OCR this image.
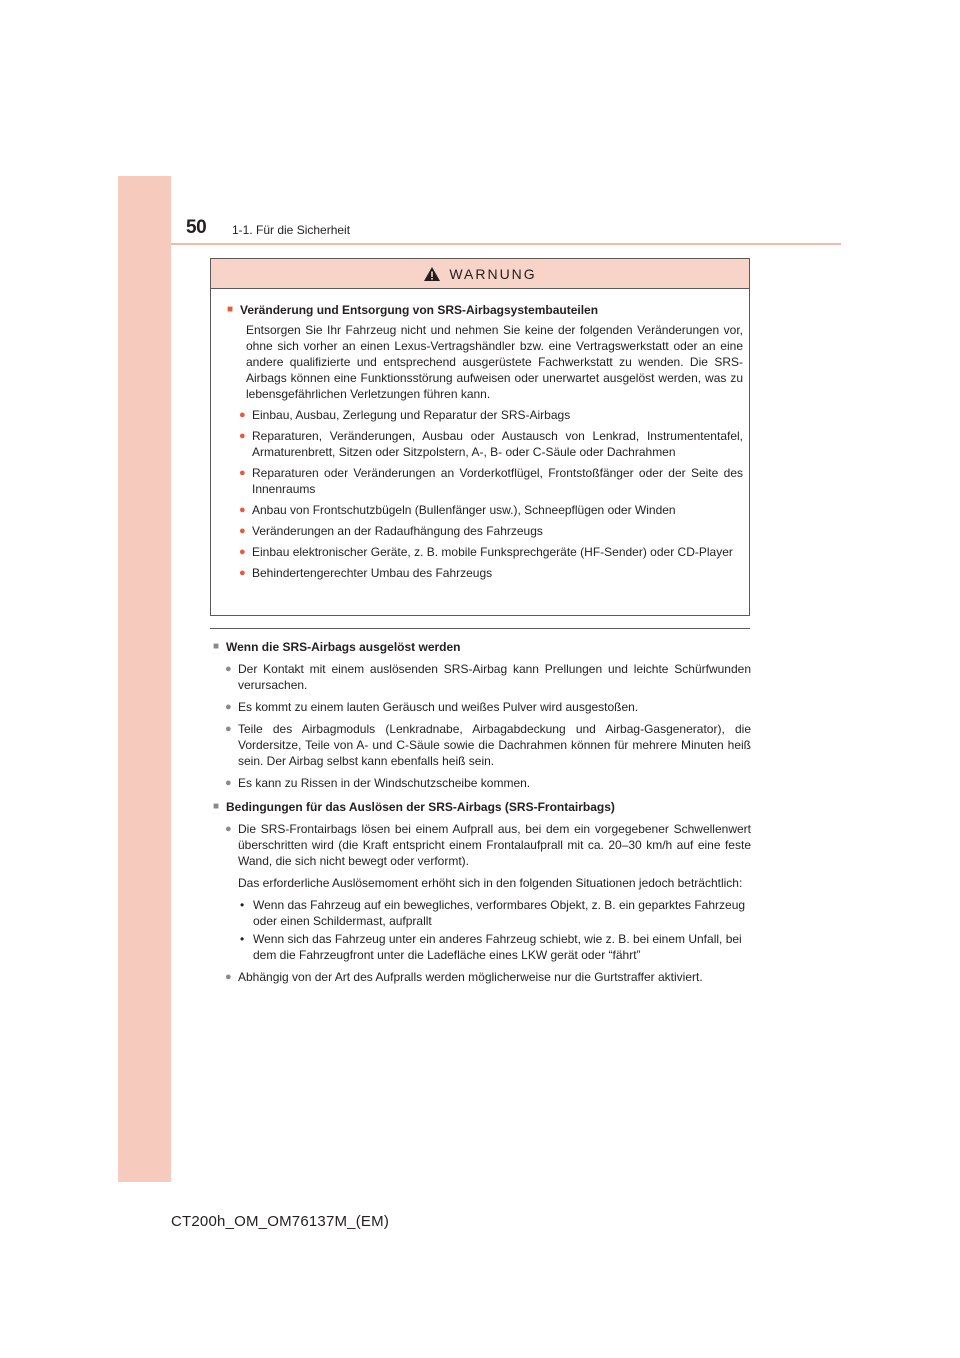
50 1-1. Für die Sicherheit
WARNUNG
■ Veränderung und Entsorgung von SRS-Airbagsystembauteilen
Entsorgen Sie Ihr Fahrzeug nicht und nehmen Sie keine der folgenden Veränderungen vor, ohne sich vorher an einen Lexus-Vertragshändler bzw. eine Vertragswerkstatt oder an eine andere qualifizierte und entsprechend ausgerüstete Fachwerkstatt zu wenden. Die SRS-Airbags können eine Funktionsstörung aufweisen oder unerwartet ausgelöst werden, was zu lebensgefährlichen Verletzungen führen kann.
● Einbau, Ausbau, Zerlegung und Reparatur der SRS-Airbags
● Reparaturen, Veränderungen, Ausbau oder Austausch von Lenkrad, Instrumententafel, Armaturenbrett, Sitzen oder Sitzpolstern, A-, B- oder C-Säule oder Dachrahmen
● Reparaturen oder Veränderungen an Vorderkotflügel, Frontstoßfänger oder der Seite des Innenraums
● Anbau von Frontschutzbügeln (Bullenfänger usw.), Schneepflügen oder Winden
● Veränderungen an der Radaufhängung des Fahrzeugs
● Einbau elektronischer Geräte, z. B. mobile Funksprechgeräte (HF-Sender) oder CD-Player
● Behindertengerechter Umbau des Fahrzeugs
■ Wenn die SRS-Airbags ausgelöst werden
● Der Kontakt mit einem auslösenden SRS-Airbag kann Prellungen und leichte Schürfwunden verursachen.
● Es kommt zu einem lauten Geräusch und weißes Pulver wird ausgestoßen.
● Teile des Airbagmoduls (Lenkradnabe, Airbagabdeckung und Airbag-Gasgenerator), die Vordersitze, Teile von A- und C-Säule sowie die Dachrahmen können für mehrere Minuten heiß sein. Der Airbag selbst kann ebenfalls heiß sein.
● Es kann zu Rissen in der Windschutzscheibe kommen.
■ Bedingungen für das Auslösen der SRS-Airbags (SRS-Frontairbags)
● Die SRS-Frontairbags lösen bei einem Aufprall aus, bei dem ein vorgegebener Schwellenwert überschritten wird (die Kraft entspricht einem Frontalaufprall mit ca. 20–30 km/h auf eine feste Wand, die sich nicht bewegt oder verformt).
Das erforderliche Auslösemoment erhöht sich in den folgenden Situationen jedoch beträchtlich:
• Wenn das Fahrzeug auf ein bewegliches, verformbares Objekt, z. B. ein geparktes Fahrzeug oder einen Schildermast, aufprallt
• Wenn sich das Fahrzeug unter ein anderes Fahrzeug schiebt, wie z. B. bei einem Unfall, bei dem die Fahrzeugfront unter die Ladefläche eines LKW gerät oder “fährt”
● Abhängig von der Art des Aufpralls werden möglicherweise nur die Gurtstraffer aktiviert.
CT200h_OM_OM76137M_(EM)
